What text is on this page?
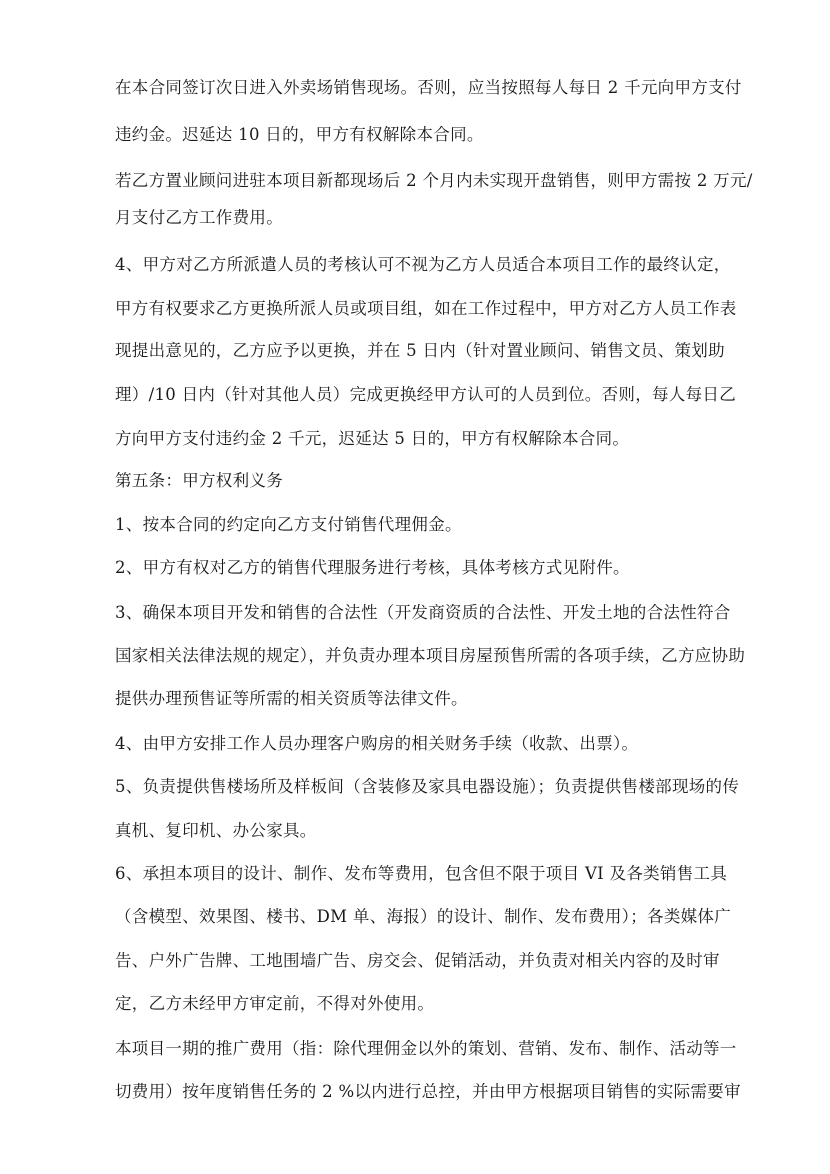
在本合同签订次日进入外卖场销售现场。否则，应当按照每人每日 2 千元向甲方支付
违约金。迟延达 10 日的，甲方有权解除本合同。
若乙方置业顾问进驻本项目新都现场后 2 个月内未实现开盘销售，则甲方需按 2 万元/
月支付乙方工作费用。
4、甲方对乙方所派遣人员的考核认可不视为乙方人员适合本项目工作的最终认定，
甲方有权要求乙方更换所派人员或项目组，如在工作过程中，甲方对乙方人员工作表
现提出意见的，乙方应予以更换，并在 5 日内（针对置业顾问、销售文员、策划助
理）/10 日内（针对其他人员）完成更换经甲方认可的人员到位。否则，每人每日乙
方向甲方支付违约金 2 千元，迟延达 5 日的，甲方有权解除本合同。
第五条：甲方权利义务
1、按本合同的约定向乙方支付销售代理佣金。
2、甲方有权对乙方的销售代理服务进行考核，具体考核方式见附件。
3、确保本项目开发和销售的合法性（开发商资质的合法性、开发土地的合法性符合
国家相关法律法规的规定），并负责办理本项目房屋预售所需的各项手续，乙方应协助
提供办理预售证等所需的相关资质等法律文件。
4、由甲方安排工作人员办理客户购房的相关财务手续（收款、出票）。
5、负责提供售楼场所及样板间（含装修及家具电器设施）；负责提供售楼部现场的传
真机、复印机、办公家具。
6、承担本项目的设计、制作、发布等费用，包含但不限于项目 VI 及各类销售工具
（含模型、效果图、楼书、DM 单、海报）的设计、制作、发布费用）；各类媒体广
告、户外广告牌、工地围墙广告、房交会、促销活动，并负责对相关内容的及时审
定，乙方未经甲方审定前，不得对外使用。
本项目一期的推广费用（指：除代理佣金以外的策划、营销、发布、制作、活动等一
切费用）按年度销售任务的 2 %以内进行总控，并由甲方根据项目销售的实际需要审
